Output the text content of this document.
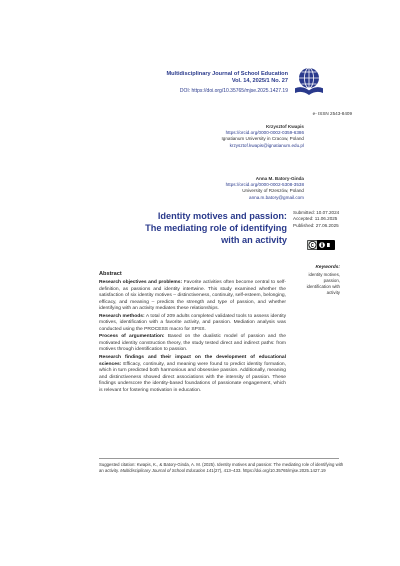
Multidisciplinary Journal of School Education
Vol. 14, 2025/1 No. 27
DOI: https://doi.org/10.35765/mjse.2025.1427.19
e- ISSN 2543-8409
Krzysztof Kwapis
https://orcid.org/0000-0002-0359-6386
Ignatianum University in Cracow, Poland
krzysztof.kwapis@ignatianum.edu.pl
Anna M. Batory-Ginda
https://orcid.org/0000-0002-5308-3538
University of Rzeszów, Poland
anna.m.batory@gmail.com
Identity motives and passion:
The mediating role of identifying
with an activity
Submitted: 10.07.2024
Accepted: 11.06.2025
Published: 27.06.2025
Keywords:
identity motives,
passion,
identification with
activity
Abstract

Research objectives and problems: Favorite activities often become central to self-definition, as passions and identity intertwine. This study examined whether the satisfaction of six identity motives – distinctiveness, continuity, self-esteem, belonging, efficacy, and meaning – predicts the strength and type of passion, and whether identifying with an activity mediates these relationships.

Research methods: A total of 209 adults completed validated tools to assess identity motives, identification with a favorite activity, and passion. Mediation analysis was conducted using the PROCESS macro for SPSS.

Process of argumentation: Based on the dualistic model of passion and the motivated identity construction theory, the study tested direct and indirect paths: from motives through identification to passion.

Research findings and their impact on the development of educational sciences: Efficacy, continuity, and meaning were found to predict identity formation, which in turn predicted both harmonious and obsessive passion. Additionally, meaning and distinctiveness showed direct associations with the intensity of passion. These findings underscore the identity-based foundations of passionate engagement, which is relevant for fostering motivation in education.

Suggested citation: Kwapis, K., & Batory-Ginda, A. M. (2025). Identity motives and passion: The mediating role of identifying with an activity. Multidisciplinary Journal of School Education 141(27), 413–433. https://doi.org/10.35765/mjse.2025.1427.19
